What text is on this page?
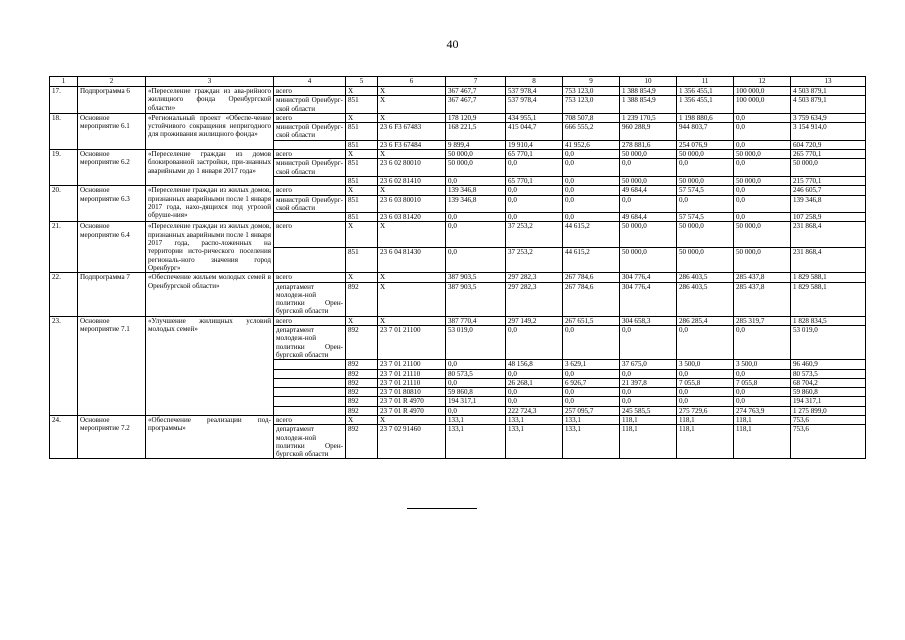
40
1	2	3	4	5	6	7	8	9	10	11	12	13
17.	Подпрограмма 6	«Переселение граждан из ава-рийного жилищного фонда Оренбургской области»	всего	X	X	367 467,7	537 978,4	753 123,0	1 388 854,9	1 356 455,1	100 000,0	4 503 879,1
			министрой Оренбург-ской области	851	X	367 467,7	537 978,4	753 123,0	1 388 854,9	1 356 455,1	100 000,0	4 503 879,1
18.	Основное мероприятие 6.1	«Региональный проект «Обеспе-чение устойчивого сокращения непригодного для проживания жилищного фонда»	всего	X	X	178 120,9	434 955,1	708 507,8	1 239 170,5	1 198 880,6	0,0	3 759 634,9
			министрой Оренбург-ской области	851	23 6 F3 67483	168 221,5	415 044,7	666 555,2	960 288,9	944 803,7	0,0	3 154 914,0
				851	23 6 F3 67484	9 899,4	19 910,4	41 952,6	278 881,6	254 076,9	0,0	604 720,9
19.	Основное мероприятие 6.2	«Переселение граждан из домов блокированной застройки, при-знанных аварийными до 1 января 2017 года»	всего	X	X	50 000,0	65 770,1	0,0	50 000,0	50 000,0	50 000,0	265 770,1
			министрой Оренбург-ской области	851	23 6 02 80010	50 000,0	0,0	0,0	0,0	0,0	0,0	50 000,0
				851	23 6 02 81410	0,0	65 770,1	0,0	50 000,0	50 000,0	50 000,0	215 770,1
20.	Основное мероприятие 6.3	«Переселение граждан из жилых домов, признанных аварийными после 1 января 2017 года, нахо-дящихся под угрозой обруше-ния»	всего	X	X	139 346,8	0,0	0,0	49 684,4	57 574,5	0,0	246 605,7
			министрой Оренбург-ской области	851	23 6 03 80010	139 346,8	0,0	0,0	0,0	0,0	0,0	139 346,8
				851	23 6 03 81420	0,0	0,0	0,0	49 684,4	57 574,5	0,0	107 258,9
21.	Основное мероприятие 6.4	«Переселение граждан из жилых домов, признанных аварийными после 1 января 2017 года, распо-ложенных на территории исто-рического поселения региональ-ного значения город Оренбург»	всего	X	X	0,0	37 253,2	44 615,2	50 000,0	50 000,0	50 000,0	231 868,4
				851	23 6 04 81430	0,0	37 253,2	44 615,2	50 000,0	50 000,0	50 000,0	231 868,4
22.	Подпрограмма 7	«Обеспечение жильем молодых семей в Оренбургской области»	всего	X	X	387 903,5	297 282,3	267 784,6	304 776,4	286 403,5	285 437,8	1 829 588,1
			департамент молодеж-ной политики Орен-бургской области	892	X	387 903,5	297 282,3	267 784,6	304 776,4	286 403,5	285 437,8	1 829 588,1
23.	Основное мероприятие 7.1	«Улучшение жилищных условий молодых семей»	всего	X	X	387 770,4	297 149,2	267 651,5	304 658,3	286 285,4	285 319,7	1 828 834,5
			департамент молодеж-ной политики Орен-бургской области	892	23 7 01 21100	53 019,0	0,0	0,0	0,0	0,0	0,0	53 019,0
				892	23 7 01 21100	0,0	48 156,8	3 629,1	37 675,0	3 500,0	3 500,0	96 460,9
				892	23 7 01 21110	80 573,5	0,0	0,0	0,0	0,0	0,0	80 573,5
				892	23 7 01 21110	0,0	26 268,1	6 926,7	21 397,8	7 055,8	7 055,8	68 704,2
				892	23 7 01 80810	59 860,8	0,0	0,0	0,0	0,0	0,0	59 860,8
				892	23 7 01 R 4970	194 317,1	0,0	0,0	0,0	0,0	0,0	194 317,1
				892	23 7 01 R 4970	0,0	222 724,3	257 095,7	245 585,5	275 729,6	274 763,9	1 275 899,0
24.	Основное мероприятие 7.2	«Обеспечение реализации под-программы»	всего	X	X	133,1	133,1	133,1	118,1	118,1	118,1	753,6
			департамент молодеж-ной политики Орен-бургской области	892	23 7 02 91460	133,1	133,1	133,1	118,1	118,1	118,1	753,6
